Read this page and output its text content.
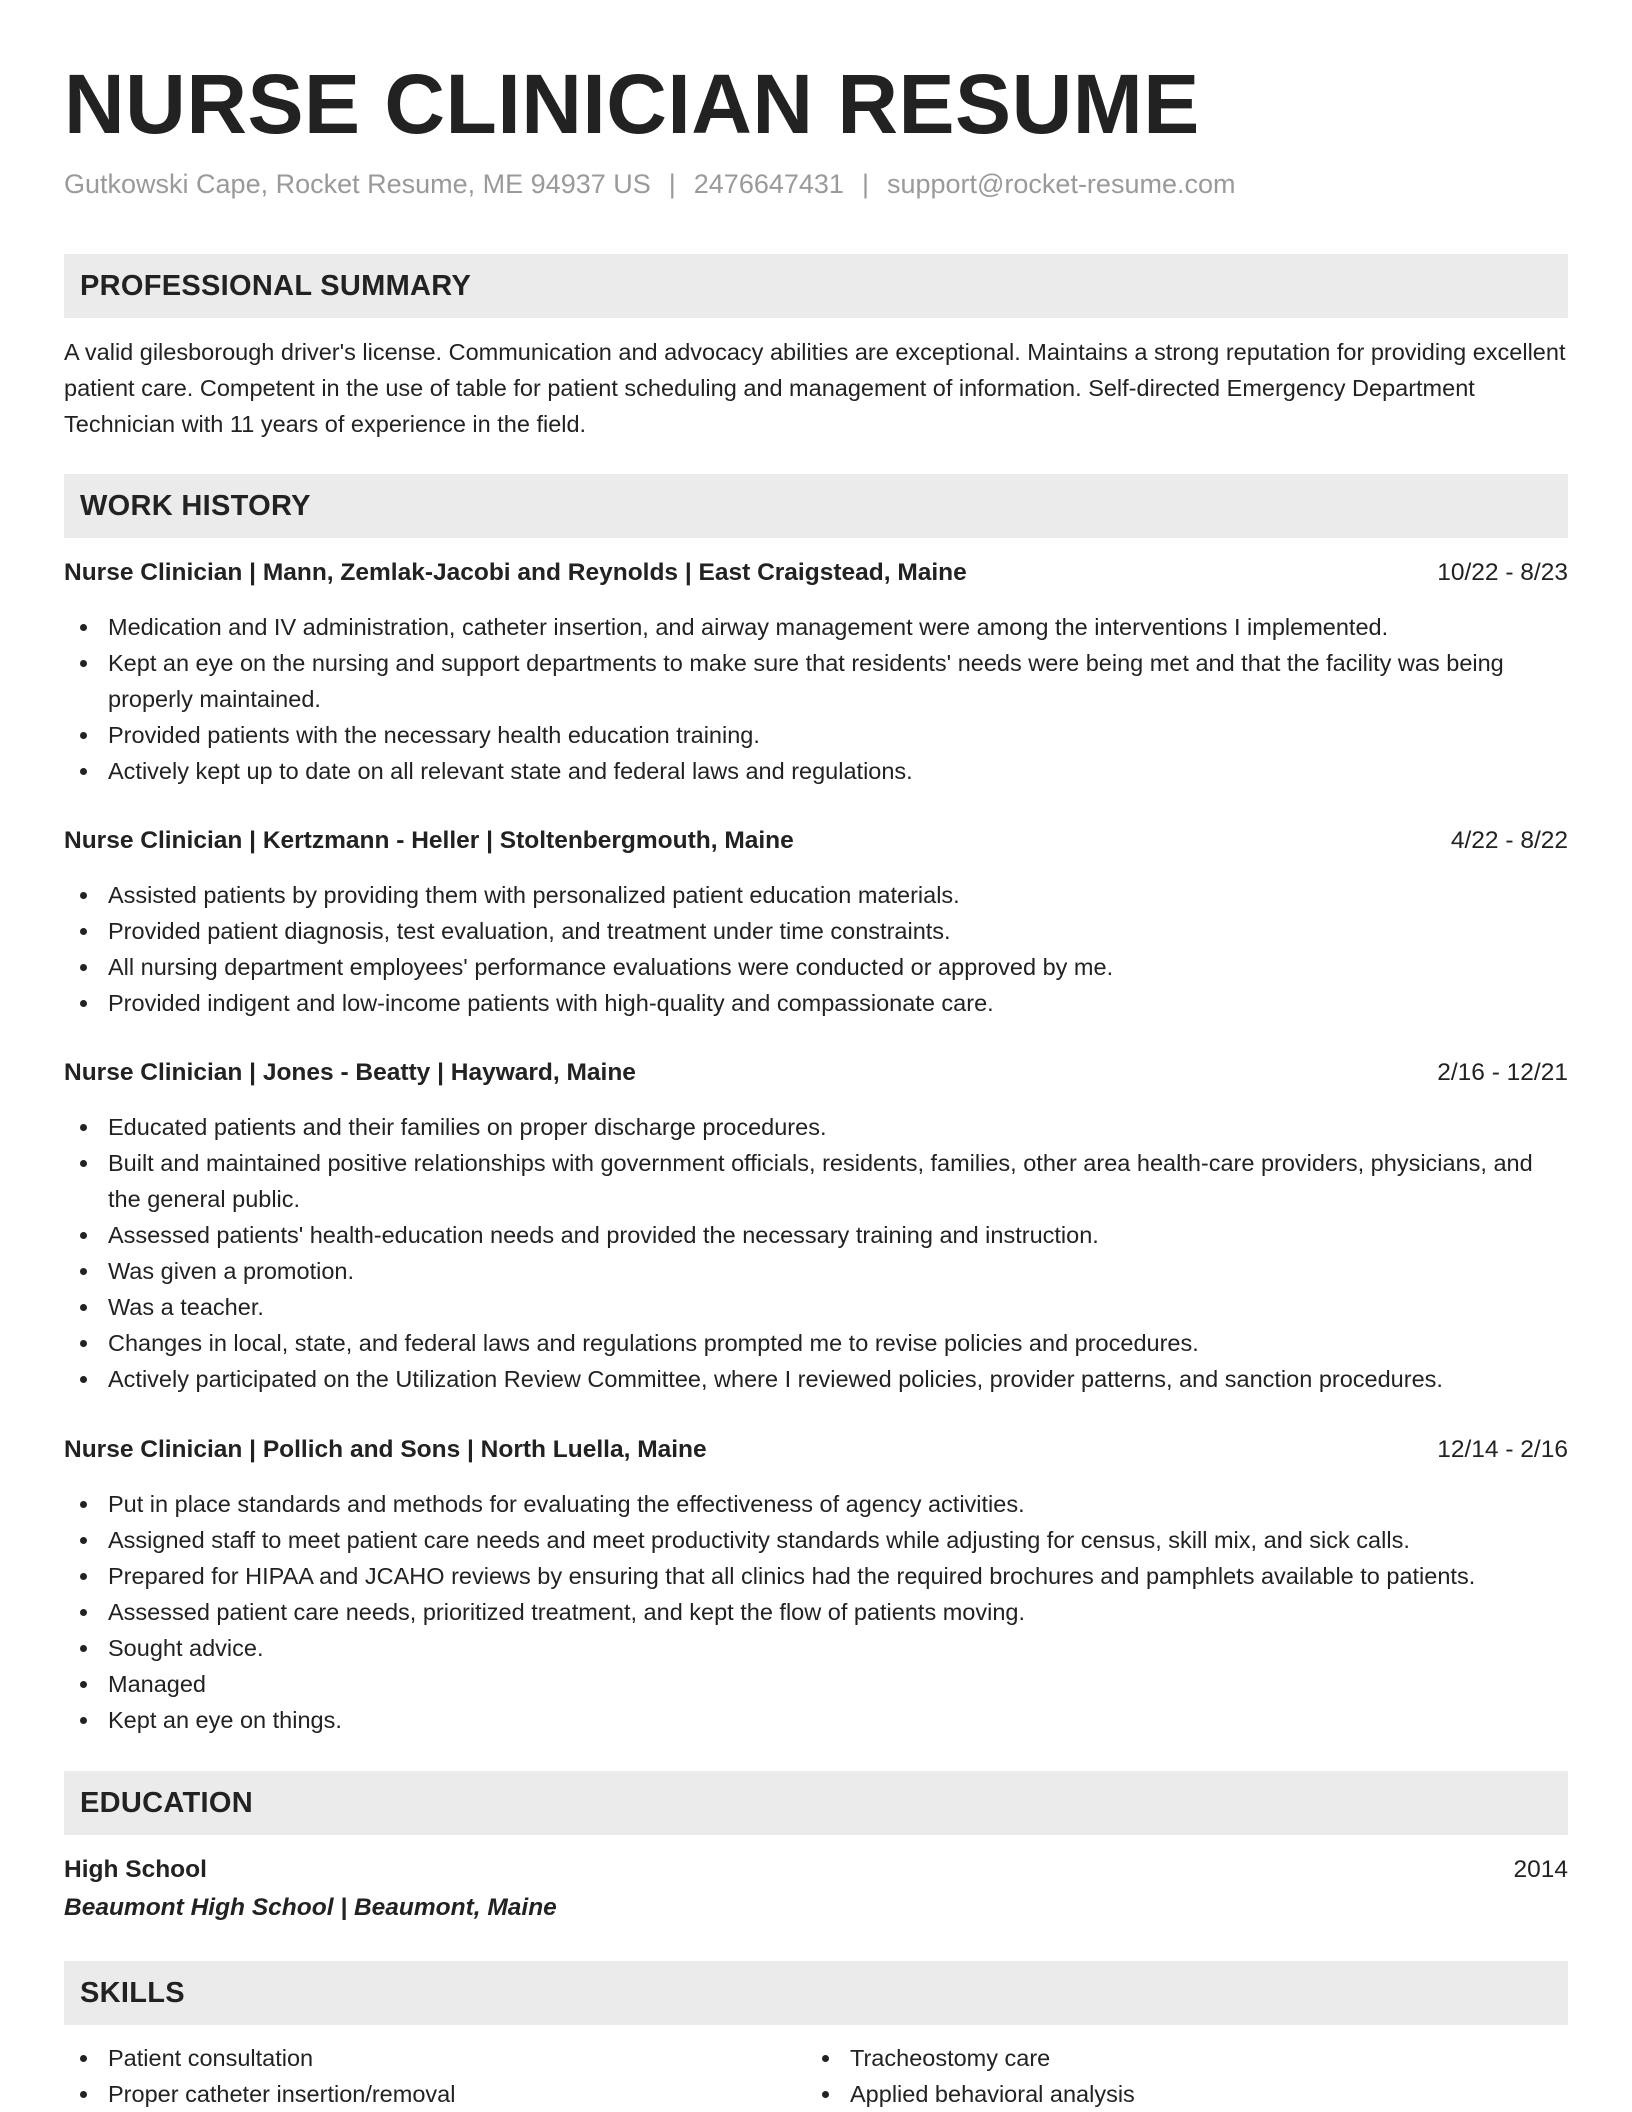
NURSE CLINICIAN RESUME
Gutkowski Cape, Rocket Resume, ME 94937 US | 2476647431 | support@rocket-resume.com
PROFESSIONAL SUMMARY

A valid gilesborough driver's license. Communication and advocacy abilities are exceptional. Maintains a strong reputation for providing excellent patient care. Competent in the use of table for patient scheduling and management of information. Self-directed Emergency Department Technician with 11 years of experience in the field.

WORK HISTORY
Nurse Clinician | Mann, Zemlak-Jacobi and Reynolds | East Craigstead, Maine	10/22 - 8/23
Medication and IV administration, catheter insertion, and airway management were among the interventions I implemented.
Kept an eye on the nursing and support departments to make sure that residents' needs were being met and that the facility was being properly maintained.
Provided patients with the necessary health education training.
Actively kept up to date on all relevant state and federal laws and regulations.
Nurse Clinician | Kertzmann - Heller | Stoltenbergmouth, Maine	4/22 - 8/22
Assisted patients by providing them with personalized patient education materials.
Provided patient diagnosis, test evaluation, and treatment under time constraints.
All nursing department employees' performance evaluations were conducted or approved by me.
Provided indigent and low-income patients with high-quality and compassionate care.
Nurse Clinician | Jones - Beatty | Hayward, Maine	2/16 - 12/21
Educated patients and their families on proper discharge procedures.
Built and maintained positive relationships with government officials, residents, families, other area health-care providers, physicians, and the general public.
Assessed patients' health-education needs and provided the necessary training and instruction.
Was given a promotion.
Was a teacher.
Changes in local, state, and federal laws and regulations prompted me to revise policies and procedures.
Actively participated on the Utilization Review Committee, where I reviewed policies, provider patterns, and sanction procedures.
Nurse Clinician | Pollich and Sons | North Luella, Maine	12/14 - 2/16
Put in place standards and methods for evaluating the effectiveness of agency activities.
Assigned staff to meet patient care needs and meet productivity standards while adjusting for census, skill mix, and sick calls.
Prepared for HIPAA and JCAHO reviews by ensuring that all clinics had the required brochures and pamphlets available to patients.
Assessed patient care needs, prioritized treatment, and kept the flow of patients moving.
Sought advice.
Managed
Kept an eye on things.
EDUCATION
High School	2014
Beaumont High School | Beaumont, Maine
SKILLS
Patient consultation
Proper catheter insertion/removal
Tracheostomy care
Applied behavioral analysis
